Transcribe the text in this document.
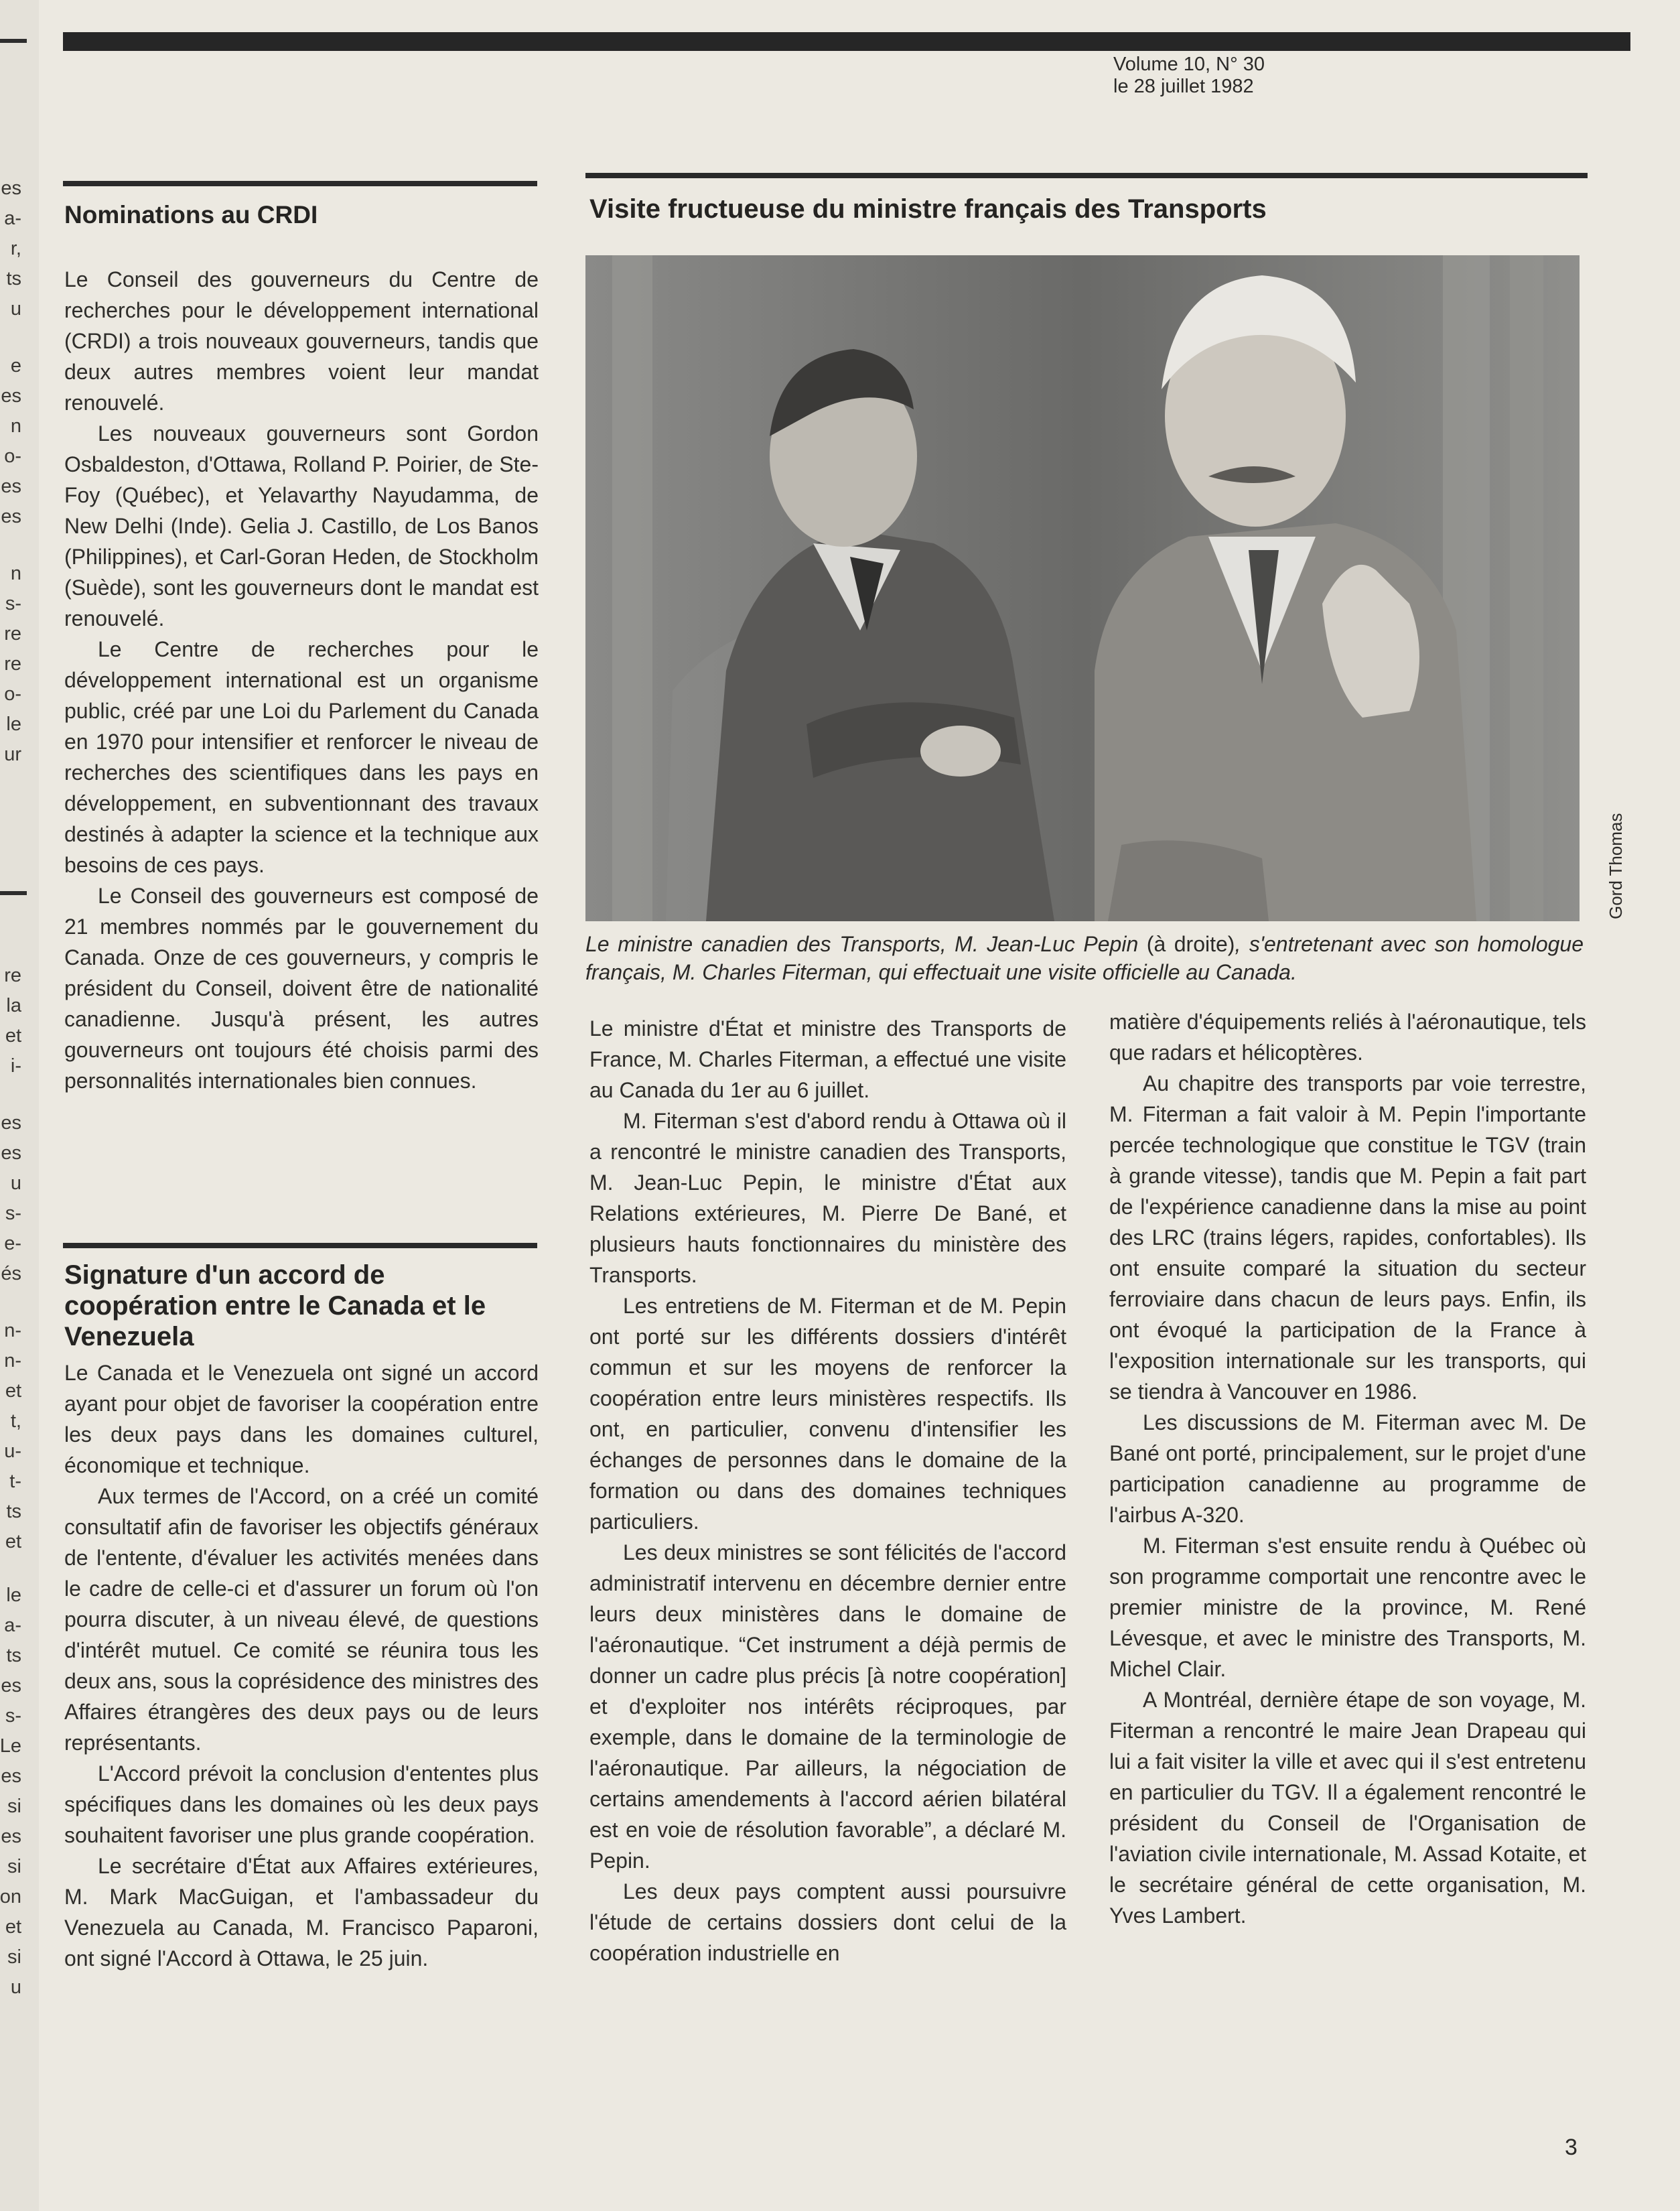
es
a-
r,
ts
u
e
es
n
o-
es
es
n
s-
re
re
o-
le
ur
re
la
et
i-
es
es
u
s-
e-
és
n-
n-
et
t,
u-
t-
ts
et
le
a-
ts
es
s-
Le
es
si
es
si
on
et
si
u
Volume 10, N° 30
le 28 juillet 1982
Nominations au CRDI

Le Conseil des gouverneurs du Centre de recherches pour le développement international (CRDI) a trois nouveaux gouverneurs, tandis que deux autres membres voient leur mandat renouvelé.

Les nouveaux gouverneurs sont Gordon Osbaldeston, d'Ottawa, Rolland P. Poirier, de Ste-Foy (Québec), et Yelavarthy Nayudamma, de New Delhi (Inde). Gelia J. Castillo, de Los Banos (Philippines), et Carl-Goran Heden, de Stockholm (Suède), sont les gouverneurs dont le mandat est renouvelé.

Le Centre de recherches pour le développement international est un organisme public, créé par une Loi du Parlement du Canada en 1970 pour intensifier et renforcer le niveau de recherches des scientifiques dans les pays en développement, en subventionnant des travaux destinés à adapter la science et la technique aux besoins de ces pays.

Le Conseil des gouverneurs est composé de 21 membres nommés par le gouvernement du Canada. Onze de ces gouverneurs, y compris le président du Conseil, doivent être de nationalité canadienne. Jusqu'à présent, les autres gouverneurs ont toujours été choisis parmi des personnalités internationales bien connues.

Signature d'un accord de coopération entre le Canada et le Venezuela

Le Canada et le Venezuela ont signé un accord ayant pour objet de favoriser la coopération entre les deux pays dans les domaines culturel, économique et technique.

Aux termes de l'Accord, on a créé un comité consultatif afin de favoriser les objectifs généraux de l'entente, d'évaluer les activités menées dans le cadre de celle-ci et d'assurer un forum où l'on pourra discuter, à un niveau élevé, de questions d'intérêt mutuel. Ce comité se réunira tous les deux ans, sous la coprésidence des ministres des Affaires étrangères des deux pays ou de leurs représentants.

L'Accord prévoit la conclusion d'ententes plus spécifiques dans les domaines où les deux pays souhaitent favoriser une plus grande coopération.

Le secrétaire d'État aux Affaires extérieures, M. Mark MacGuigan, et l'ambassadeur du Venezuela au Canada, M. Francisco Paparoni, ont signé l'Accord à Ottawa, le 25 juin.

Visite fructueuse du ministre français des Transports
Gord Thomas
Le ministre canadien des Transports, M. Jean-Luc Pepin (à droite), s'entretenant avec son homologue français, M. Charles Fiterman, qui effectuait une visite officielle au Canada.

Le ministre d'État et ministre des Transports de France, M. Charles Fiterman, a effectué une visite au Canada du 1er au 6 juillet.

M. Fiterman s'est d'abord rendu à Ottawa où il a rencontré le ministre canadien des Transports, M. Jean-Luc Pepin, le ministre d'État aux Relations extérieures, M. Pierre De Bané, et plusieurs hauts fonctionnaires du ministère des Transports.

Les entretiens de M. Fiterman et de M. Pepin ont porté sur les différents dossiers d'intérêt commun et sur les moyens de renforcer la coopération entre leurs ministères respectifs. Ils ont, en particulier, convenu d'intensifier les échanges de personnes dans le domaine de la formation ou dans des domaines techniques particuliers.

Les deux ministres se sont félicités de l'accord administratif intervenu en décembre dernier entre leurs deux ministères dans le domaine de l'aéronautique. “Cet instrument a déjà permis de donner un cadre plus précis [à notre coopération] et d'exploiter nos intérêts réciproques, par exemple, dans le domaine de la terminologie de l'aéronautique. Par ailleurs, la négociation de certains amendements à l'accord aérien bilatéral est en voie de résolution favorable”, a déclaré M. Pepin.

Les deux pays comptent aussi poursuivre l'étude de certains dossiers dont celui de la coopération industrielle en

matière d'équipements reliés à l'aéronautique, tels que radars et hélicoptères.

Au chapitre des transports par voie terrestre, M. Fiterman a fait valoir à M. Pepin l'importante percée technologique que constitue le TGV (train à grande vitesse), tandis que M. Pepin a fait part de l'expérience canadienne dans la mise au point des LRC (trains légers, rapides, confortables). Ils ont ensuite comparé la situation du secteur ferroviaire dans chacun de leurs pays. Enfin, ils ont évoqué la participation de la France à l'exposition internationale sur les transports, qui se tiendra à Vancouver en 1986.

Les discussions de M. Fiterman avec M. De Bané ont porté, principalement, sur le projet d'une participation canadienne au programme de l'airbus A-320.

M. Fiterman s'est ensuite rendu à Québec où son programme comportait une rencontre avec le premier ministre de la province, M. René Lévesque, et avec le ministre des Transports, M. Michel Clair.

A Montréal, dernière étape de son voyage, M. Fiterman a rencontré le maire Jean Drapeau qui lui a fait visiter la ville et avec qui il s'est entretenu en particulier du TGV. Il a également rencontré le président du Conseil de l'Organisation de l'aviation civile internationale, M. Assad Kotaite, et le secrétaire général de cette organisation, M. Yves Lambert.

3
